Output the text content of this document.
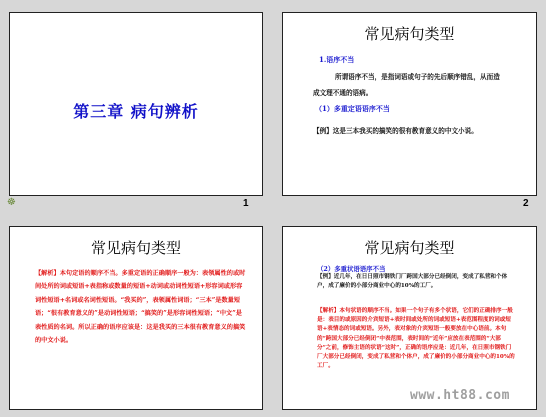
第三章 病句辨析
☸	1
常见病句类型
1.语序不当
所谓语序不当，是指词语或句子的先后顺序错乱，从而造成文理不通的语病。
（1）多重定语语序不当
【例】这是三本我买的搞笑的很有教育意义的中文小说。
2
常见病句类型
【解析】本句定语的顺序不当。多重定语的正确顺序一般为：表领属性的或时间处所的词或短语+表指称或数量的短语+动词或动词性短语+形容词或形容词性短语+名词或名词性短语。“我买的”，表领属性词语；“三本”是数量短语；“很有教育意义的”是动词性短语；“搞笑的”是形容词性短语；“中文”是表性质的名词。所以正确的语序应该是：这是我买的三本很有教育意义的搞笑的中文小说。
常见病句类型
（2）多重状语语序不当
【例】近几年，在日日照市钢铁门厂跨国大部分已经倒闭，变成了私营和个体户，成了廉价的小部分商业中心的10%的工厂。
【解析】本句状语的顺序不当。如果一个句子有多个状语，它们的正确排序一般是：表目的或原因的介宾短语+表时间或处所的词或短语+表范围程度的词或短语+表情态的词或短语。另外，表对象的介宾短语一般要放在中心语前。本句的“跨国大部分已经倒闭”中表范围，表时间的“近年”应放在表范围的“大部分”之前，修饰主语的状语“这时”，正确的语序应是：近几年，在日照市钢铁门厂大部分已经倒闭，变成了私营和个体户，成了廉价的小部分商业中心的10%的工厂。
www.ht88.com
